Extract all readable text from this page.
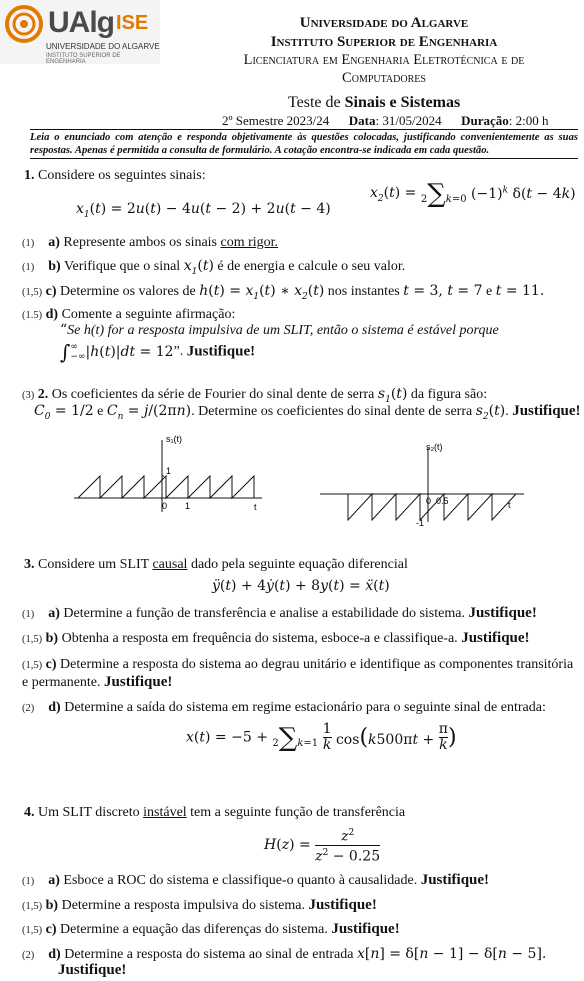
UAlg ISE
UNIVERSIDADE DO ALGARVE
INSTITUTO SUPERIOR DE ENGENHARIA
Universidade do Algarve
Instituto Superior de Engenharia
Licenciatura em Engenharia Eletrotécnica e de
Computadores
Teste de Sinais e Sistemas
2º Semestre 2023/24 Data: 31/05/2024 Duração: 2:00 h
Leia o enunciado com atenção e responda objetivamente às questões colocadas, justificando convenientemente as suas respostas. Apenas é permitida a consulta de formulário. A cotação encontra-se indicada em cada questão.
1. Considere os seguintes sinais:
$x_1(t) = 2u(t) - 4u(t - 2) + 2u(t - 4)$
$x_2(t) = 2\sum k=0$ $(-1)^k$ δ(t − 4k)
(1) a) Represente ambos os sinais com rigor.
(1) b) Verifique que o sinal $x_1(t)$ é de energia e calcule o seu valor.
(1,5) c) Determine os valores de $h(t) = x_1(t)$ ∗ $x_2(t)$ nos instantes t = 3, t = 7 e t = 11.
(1.5) d) Comente a seguinte afirmação:
“Se h(t) for a resposta impulsiva de um SLIT, então o sistema é estável porque
∫ ∞
−∞ |h(t)|dt = 12”. Justifique!
(3) 2. Os coeficientes da série de Fourier do sinal dente de serra $s_1(t)$ da figura são:
$C_0 = 1/2$ e $C_n = j/(2\pi n)$. Determine os coeficientes do sinal dente de serra $s_2(t)$. Justifique!
s₁(t)
1
0 1	t
s₂(t)
0 0.5
-1
t
3. Considere um SLIT causal dado pela seguinte equação diferencial
ÿ(t) + 4ẏ(t) + 8y(t) = ẍ(t)
(1) a) Determine a função de transferência e analise a estabilidade do sistema. Justifique!
(1,5) b) Obtenha a resposta em frequência do sistema, esboce-a e classifique-a. Justifique!
(1,5) c) Determine a resposta do sistema ao degrau unitário e identifique as componentes transitória e permanente. Justifique!
(2) d) Determine a saída do sistema em regime estacionário para o seguinte sinal de entrada:
$x(t) = -5 + 2\sum k=1 \frac{1}{k} \cos(k500\pi t + \frac{\pi}{k}$ )
4. Um SLIT discreto instável tem a seguinte função de transferência
$H(z) = \frac{z^2}{z^2 - 0.25}$
(1) a) Esboce a ROC do sistema e classifique-o quanto à causalidade. Justifique!
(1,5) b) Determine a resposta impulsiva do sistema. Justifique!
(1,5) c) Determine a equação das diferenças do sistema. Justifique!
(2) d) Determine a resposta do sistema ao sinal de entrada x[n] = δ[n − 1] − δ[n − 5].
Justifique!
